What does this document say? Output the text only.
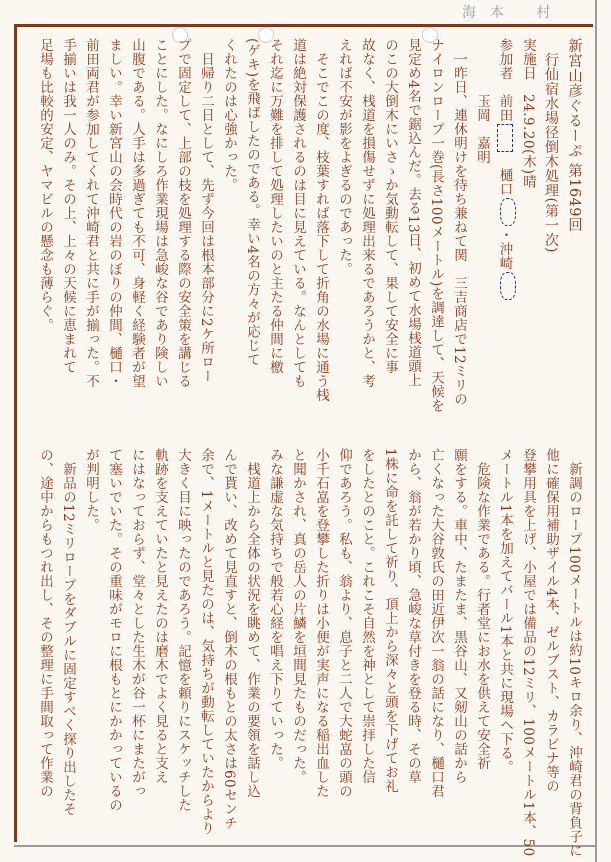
海本 村
新宮山彦ぐるーぷ 第1649回
　行仙宿水場径倒木処理(第一次)
実施日　24.9.20(木)晴
参加者　前田　樋口・沖崎
　　　　玉岡　嘉明
　一昨日、連休明けを待ち兼ねて関　三吉商店で12ミリの
ナイロンロープ一巻(長さ100メートル)を調達して、天候を
見定め4名で鋸込んだ。去る13日、初めて水場桟道頭上
のこの大倒木にいさゝか気動転して、果して安全に事
故なく、桟道を損傷せずに処理出来るであろうかと、考
えれば不安が影をよぎるのであった。
　そこでこの度、枝葉すれば落下して折角の水場に通う桟
道は絶対保護されるのは目に見えている。なんとしても
それ迄に万難を排して処理したいのと主たる仲間に檄
(ゲキ)を飛ばしたのである。幸い4名の方々が応じて
くれたのは心強かった。
　日帰り二日として、先ず今回は根本部分に2ケ所ロー
プで固定して、上部の枝を処理する際の安全策を講じる
ことにした。なにしろ作業現場は急峻な谷であり険しい
山腹である。人手は多過ぎても不可、身軽く経験者が望
ましい。幸い新宮山の会時代の岩のぼりの仲間、樋口・
前田両君が参加してくれて沖崎君と共に手が揃った。不
手揃いは我一人のみ。その上、上々の天候に恵まれて
足場も比較的安定、ヤマビルの懸念も薄らぐ。
　新調のロープ100メートルは約10キロ余り、沖崎君の背負子に
他に確保用補助ザイル4本、ゼルブスト、カラビナ等の
登攀用具を上げ、小屋では備品の12ミリ、100メートル1本、50
メートル1本を加えてバール1本と共に現場へ下る。
　危険な作業である。行者堂にお水を供えて安全祈
願をする。車中、たまたま、黒谷山、又剱山の話から
亡くなった大谷敦氏の田近伊次一翁の話になり、樋口君
から、翁が若かり頃、急峻な草付きを登る時、その草
1株に命を託して祈り、頂上から深々と頭を下げてお礼
をしたとのこと。これこそ自然を神として崇拝した信
仰であろう。私も、翁より、息子と二人で大蛇嵓の頭の
小千石嵓を登攀した折りは小便が実声になる稲出血した
と聞かされ、真の岳人の片鱗を垣間見たものだった。
みな謙虚な気持ちで般若心経を唱え下りていった。
　桟道上から全体の状況を眺めて、作業の要領を話し込
んで貰い、改めて見直すと、倒木の根もとの太さは60センチ
余で、1メートルと見たのは、気持ちが動転していたからより
大きく目に映ったのであろう。記憶を頼りにスケッチした
軌跡を支えていたと見えたのは磨木でよく見ると支え
にはなっておらず、堂々とした生木が谷一杯にまたがっ
て塞いでいた。その重味がモロに根もとにかかっているの
が判明した。
　新品の12ミリロープをダブルに固定すべく探り出したそ
の、途中からもつれ出し、その整理に手間取って作業の
